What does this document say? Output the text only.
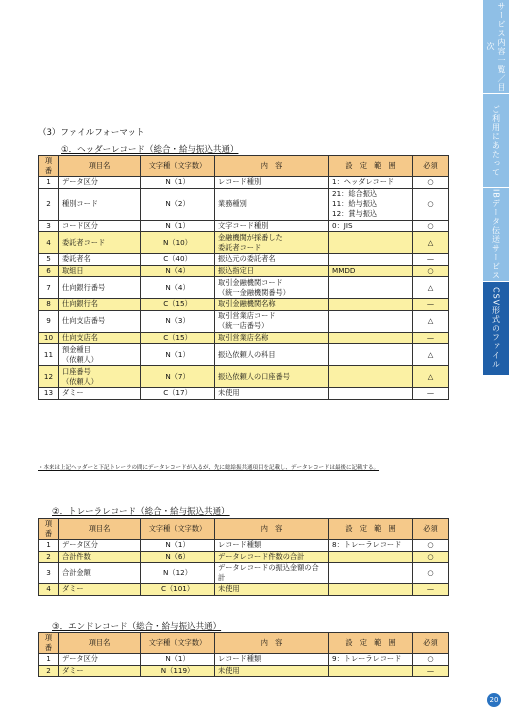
サービス内容一覧／目次
ご利用にあたって
IBデータ伝送サービス
CSV形式のファイル
（3）ファイルフォーマット
①．ヘッダーレコード（総合・給与振込共通）
項番	項目名	文字種（文字数）	内　容	設　定　範　囲	必須
1	データ区分	N（1）	レコード種別	1：ヘッダレコード	○
2	種別コード	N（2）	業務種別	21：総合振込
11：給与振込
12：賞与振込	○
3	コード区分	N（1）	文字コード種別	0：JIS	○
4	委託者コード	N（10）	金融機関が採番した
委託者コード		△
5	委託者名	C（40）	振込元の委託者名		—
6	取組日	N（4）	振込指定日	MMDD	○
7	仕向銀行番号	N（4）	取引金融機関コード
（統一金融機関番号）		△
8	仕向銀行名	C（15）	取引金融機関名称		—
9	仕向支店番号	N（3）	取引営業店コード
（統一店番号）		△
10	仕向支店名	C（15）	取引営業店名称		—
11	預金種目
（依頼人）	N（1）	振込依頼人の科目		△
12	口座番号
（依頼人）	N（7）	振込依頼人の口座番号		△
13	ダミー	C（17）	未使用		—
・本来は上記ヘッダーと下記トレーラの間にデータレコードが入るが、先に総給振共通項目を記載し、データレコードは最後に記載する。
②．トレーラレコード（総合・給与振込共通）
項番	項目名	文字種（文字数）	内　容	設　定　範　囲	必須
1	データ区分	N（1）	レコード種類	8：トレーラレコード	○
2	合計件数	N（6）	データレコード件数の合計		○
3	合計金額	N（12）	データレコードの振込金額の合計		○
4	ダミー	C（101）	未使用		—
③．エンドレコード（総合・給与振込共通）
項番	項目名	文字種（文字数）	内　容	設　定　範　囲	必須
1	データ区分	N（1）	レコード種類	9：トレーラレコード	○
2	ダミー	N（119）	未使用		—
20
